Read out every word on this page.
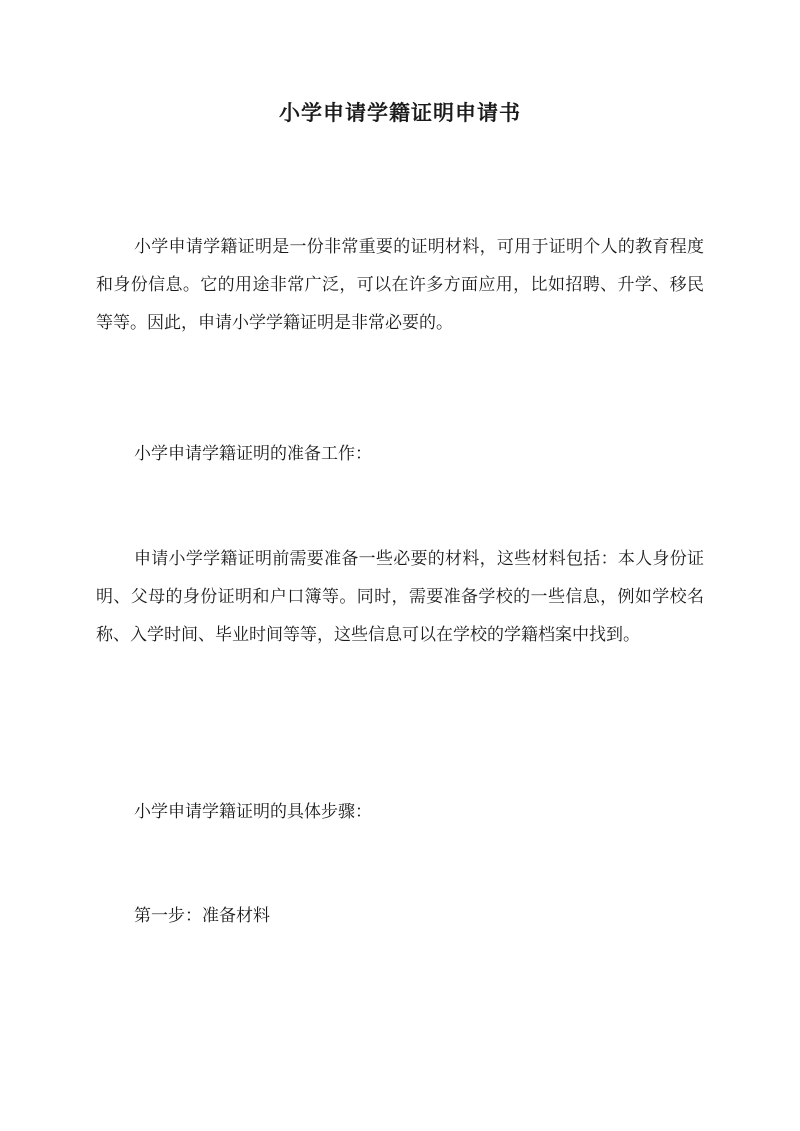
小学申请学籍证明申请书

小学申请学籍证明是一份非常重要的证明材料，可用于证明个人的教育程度和身份信息。它的用途非常广泛，可以在许多方面应用，比如招聘、升学、移民等等。因此，申请小学学籍证明是非常必要的。

小学申请学籍证明的准备工作：

申请小学学籍证明前需要准备一些必要的材料，这些材料包括：本人身份证明、父母的身份证明和户口簿等。同时，需要准备学校的一些信息，例如学校名称、入学时间、毕业时间等等，这些信息可以在学校的学籍档案中找到。

小学申请学籍证明的具体步骤：

第一步：准备材料
